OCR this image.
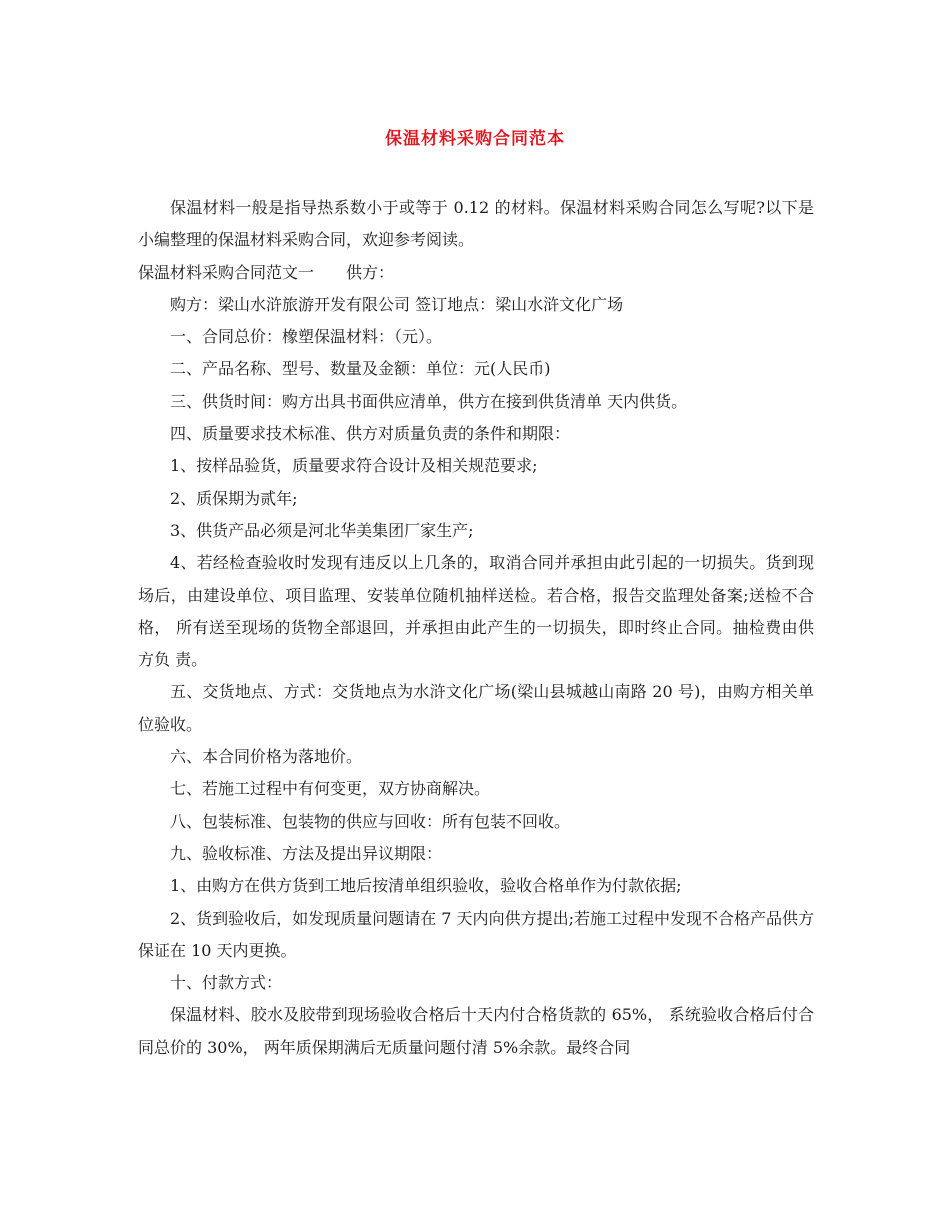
保温材料采购合同范本

保温材料一般是指导热系数小于或等于 0.12 的材料。保温材料采购合同怎么写呢?以下是小编整理的保温材料采购合同，欢迎参考阅读。

保温材料采购合同范文一　　供方：

购方：梁山水浒旅游开发有限公司 签订地点：梁山水浒文化广场

一、合同总价：橡塑保温材料：（元）。

二、产品名称、型号、数量及金额：单位：元(人民币)

三、供货时间：购方出具书面供应清单，供方在接到供货清单 天内供货。

四、质量要求技术标准、供方对质量负责的条件和期限：

1、按样品验货，质量要求符合设计及相关规范要求;

2、质保期为贰年;

3、供货产品必须是河北华美集团厂家生产;

4、若经检查验收时发现有违反以上几条的，取消合同并承担由此引起的一切损失。货到现场后，由建设单位、项目监理、安装单位随机抽样送检。若合格，报告交监理处备案;送检不合格， 所有送至现场的货物全部退回，并承担由此产生的一切损失，即时终止合同。抽检费由供方负 责。

五、交货地点、方式：交货地点为水浒文化广场(梁山县城越山南路 20 号)，由购方相关单位验收。

六、本合同价格为落地价。

七、若施工过程中有何变更，双方协商解决。

八、包装标准、包装物的供应与回收：所有包装不回收。

九、验收标准、方法及提出异议期限：

1、由购方在供方货到工地后按清单组织验收，验收合格单作为付款依据;

2、货到验收后，如发现质量问题请在 7 天内向供方提出;若施工过程中发现不合格产品供方保证在 10 天内更换。

十、付款方式：

保温材料、胶水及胶带到现场验收合格后十天内付合格货款的 65%， 系统验收合格后付合 同总价的 30%， 两年质保期满后无质量问题付清 5%余款。最终合同
